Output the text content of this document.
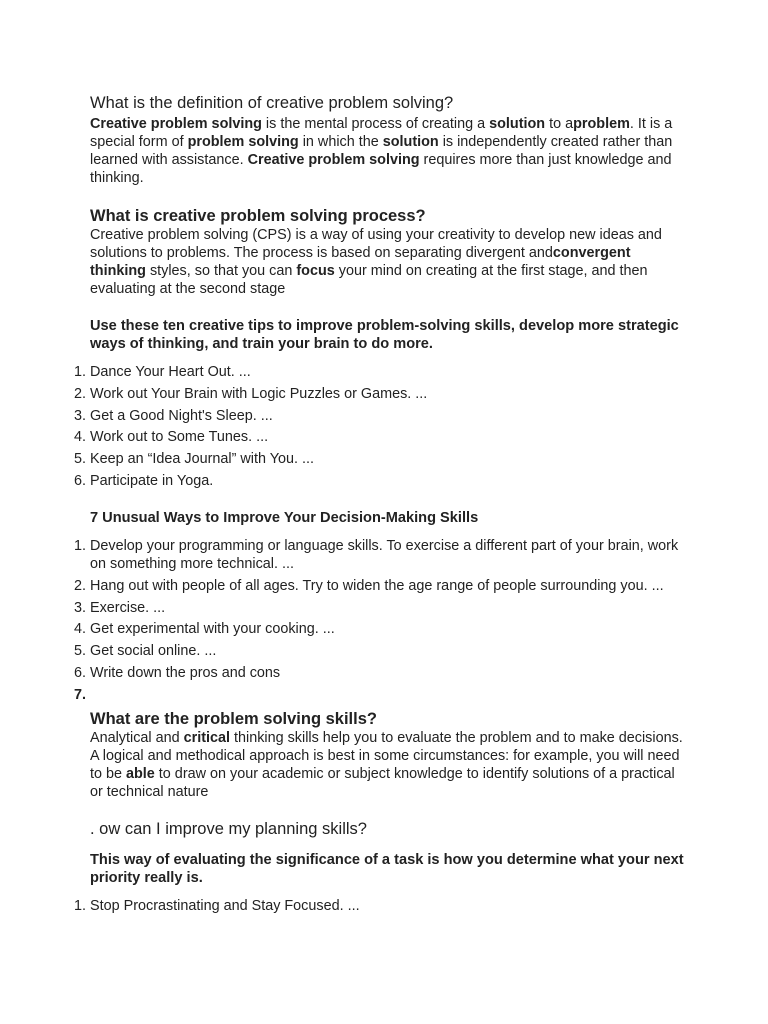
What is the definition of creative problem solving?

Creative problem solving is the mental process of creating a solution to aproblem. It is a special form of problem solving in which the solution is independently created rather than learned with assistance. Creative problem solving requires more than just knowledge and thinking.

What is creative problem solving process?

Creative problem solving (CPS) is a way of using your creativity to develop new ideas and solutions to problems. The process is based on separating divergent andconvergent thinking styles, so that you can focus your mind on creating at the first stage, and then evaluating at the second stage

Use these ten creative tips to improve problem-solving skills, develop more strategic ways of thinking, and train your brain to do more.

1. Dance Your Heart Out. ...
2. Work out Your Brain with Logic Puzzles or Games. ...
3. Get a Good Night's Sleep. ...
4. Work out to Some Tunes. ...
5. Keep an “Idea Journal” with You. ...
6. Participate in Yoga.

7 Unusual Ways to Improve Your Decision-Making Skills

1. Develop your programming or language skills. To exercise a different part of your brain, work on something more technical. ...
2. Hang out with people of all ages. Try to widen the age range of people surrounding you. ...
3. Exercise. ...
4. Get experimental with your cooking. ...
5. Get social online. ...
6. Write down the pros and cons
7.
What are the problem solving skills?

Analytical and critical thinking skills help you to evaluate the problem and to make decisions. A logical and methodical approach is best in some circumstances: for example, you will need to be able to draw on your academic or subject knowledge to identify solutions of a practical or technical nature

. ow can I improve my planning skills?

This way of evaluating the significance of a task is how you determine what your next priority really is.

1. Stop Procrastinating and Stay Focused. ...
